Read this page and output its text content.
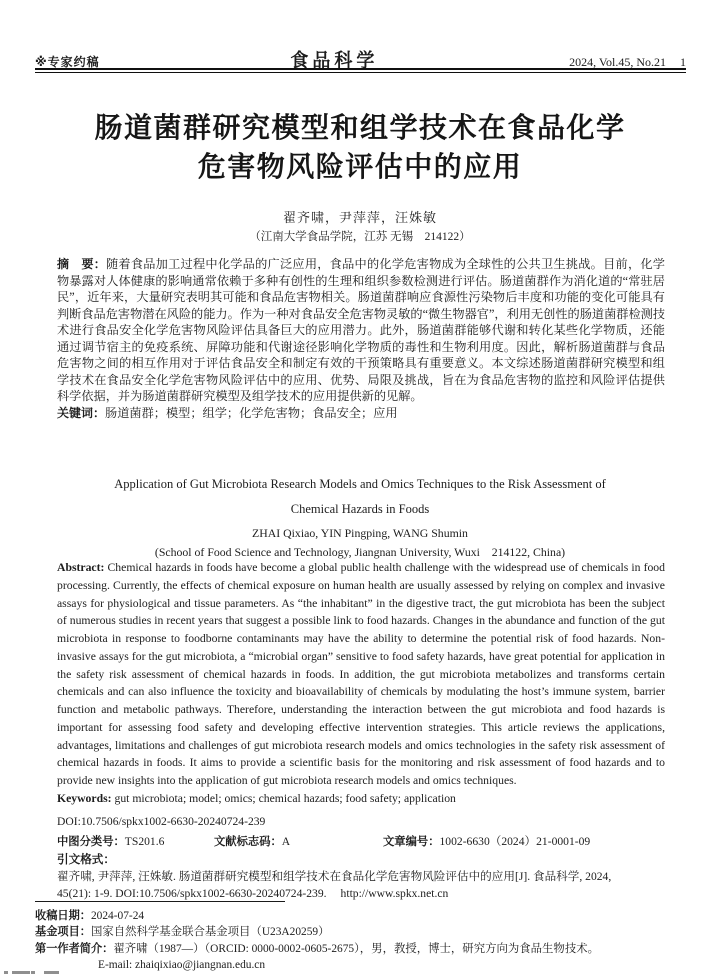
※专家约稿	食品科学	2024, Vol.45, No.21 1
肠道菌群研究模型和组学技术在食品化学
危害物风险评估中的应用
翟齐啸，尹萍萍，汪姝敏
（江南大学食品学院，江苏 无锡　214122）

摘　要：随着食品加工过程中化学品的广泛应用，食品中的化学危害物成为全球性的公共卫生挑战。目前，化学物暴露对人体健康的影响通常依赖于多种有创性的生理和组织参数检测进行评估。肠道菌群作为消化道的“常驻居民”，近年来，大量研究表明其可能和食品危害物相关。肠道菌群响应食源性污染物后丰度和功能的变化可能具有判断食品危害物潜在风险的能力。作为一种对食品安全危害物灵敏的“微生物器官”，利用无创性的肠道菌群检测技术进行食品安全化学危害物风险评估具备巨大的应用潜力。此外，肠道菌群能够代谢和转化某些化学物质，还能通过调节宿主的免疫系统、屏障功能和代谢途径影响化学物质的毒性和生物利用度。因此，解析肠道菌群与食品危害物之间的相互作用对于评估食品安全和制定有效的干预策略具有重要意义。本文综述肠道菌群研究模型和组学技术在食品安全化学危害物风险评估中的应用、优势、局限及挑战，旨在为食品危害物的监控和风险评估提供科学依据，并为肠道菌群研究模型及组学技术的应用提供新的见解。

关键词：肠道菌群；模型；组学；化学危害物；食品安全；应用

Application of Gut Microbiota Research Models and Omics Techniques to the Risk Assessment of
Chemical Hazards in Foods
ZHAI Qixiao, YIN Pingping, WANG Shumin
(School of Food Science and Technology, Jiangnan University, Wuxi　214122, China)

Abstract: Chemical hazards in foods have become a global public health challenge with the widespread use of chemicals in food processing. Currently, the effects of chemical exposure on human health are usually assessed by relying on complex and invasive assays for physiological and tissue parameters. As “the inhabitant” in the digestive tract, the gut microbiota has been the subject of numerous studies in recent years that suggest a possible link to food hazards. Changes in the abundance and function of the gut microbiota in response to foodborne contaminants may have the ability to determine the potential risk of food hazards. Non-invasive assays for the gut microbiota, a “microbial organ” sensitive to food safety hazards, have great potential for application in the safety risk assessment of chemical hazards in foods. In addition, the gut microbiota metabolizes and transforms certain chemicals and can also influence the toxicity and bioavailability of chemicals by modulating the host’s immune system, barrier function and metabolic pathways. Therefore, understanding the interaction between the gut microbiota and food hazards is important for assessing food safety and developing effective intervention strategies. This article reviews the applications, advantages, limitations and challenges of gut microbiota research models and omics technologies in the safety risk assessment of chemical hazards in foods. It aims to provide a scientific basis for the monitoring and risk assessment of food hazards and to provide new insights into the application of gut microbiota research models and omics techniques.

Keywords: gut microbiota; model; omics; chemical hazards; food safety; application

DOI:10.7506/spkx1002-6630-20240724-239
中图分类号：TS201.6	文献标志码：A	文章编号：1002-6630（2024）21-0001-09
引文格式：
翟齐啸, 尹萍萍, 汪姝敏. 肠道菌群研究模型和组学技术在食品化学危害物风险评估中的应用[J]. 食品科学, 2024,
45(21): 1-9. DOI:10.7506/spkx1002-6630-20240724-239. http://www.spkx.net.cn
收稿日期：2024-07-24
基金项目：国家自然科学基金联合基金项目（U23A20259）
第一作者简介：翟齐啸（1987—）（ORCID: 0000-0002-0605-2675），男，教授，博士，研究方向为食品生物技术。
E-mail: zhaiqixiao@jiangnan.edu.cn
